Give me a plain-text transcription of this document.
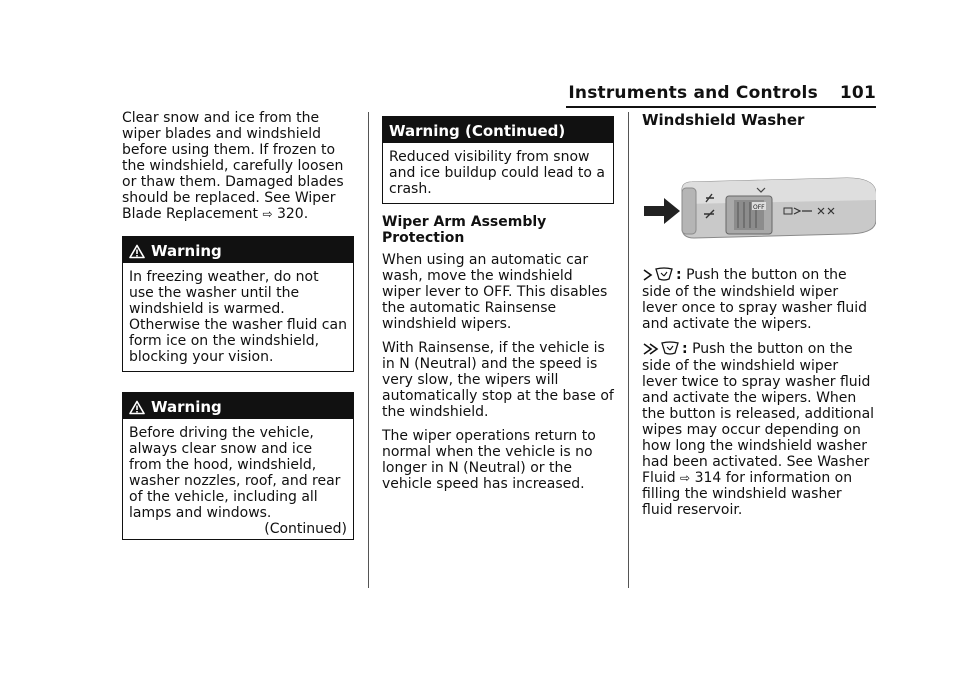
Instruments and Controls 101

Clear snow and ice from the wiper blades and windshield before using them. If frozen to the windshield, carefully loosen or thaw them. Damaged blades should be replaced. See Wiper Blade Replacement ⇨ 320.

Warning

In freezing weather, do not use the washer until the windshield is warmed. Otherwise the washer fluid can form ice on the windshield, blocking your vision.

Warning

Before driving the vehicle, always clear snow and ice from the hood, windshield, washer nozzles, roof, and rear of the vehicle, including all lamps and windows.

(Continued)

Warning (Continued)

Reduced visibility from snow and ice buildup could lead to a crash.

Wiper Arm Assembly Protection

When using an automatic car wash, move the windshield wiper lever to OFF. This disables the automatic Rainsense windshield wipers.

With Rainsense, if the vehicle is in N (Neutral) and the speed is very slow, the wipers will automatically stop at the base of the windshield.

The wiper operations return to normal when the vehicle is no longer in N (Neutral) or the vehicle speed has increased.

Windshield Washer
OFF

: Push the button on the side of the windshield wiper lever once to spray washer fluid and activate the wipers.

: Push the button on the side of the windshield wiper lever twice to spray washer fluid and activate the wipers. When the button is released, additional wipes may occur depending on how long the windshield washer had been activated. See Washer Fluid ⇨ 314 for information on filling the windshield washer fluid reservoir.
